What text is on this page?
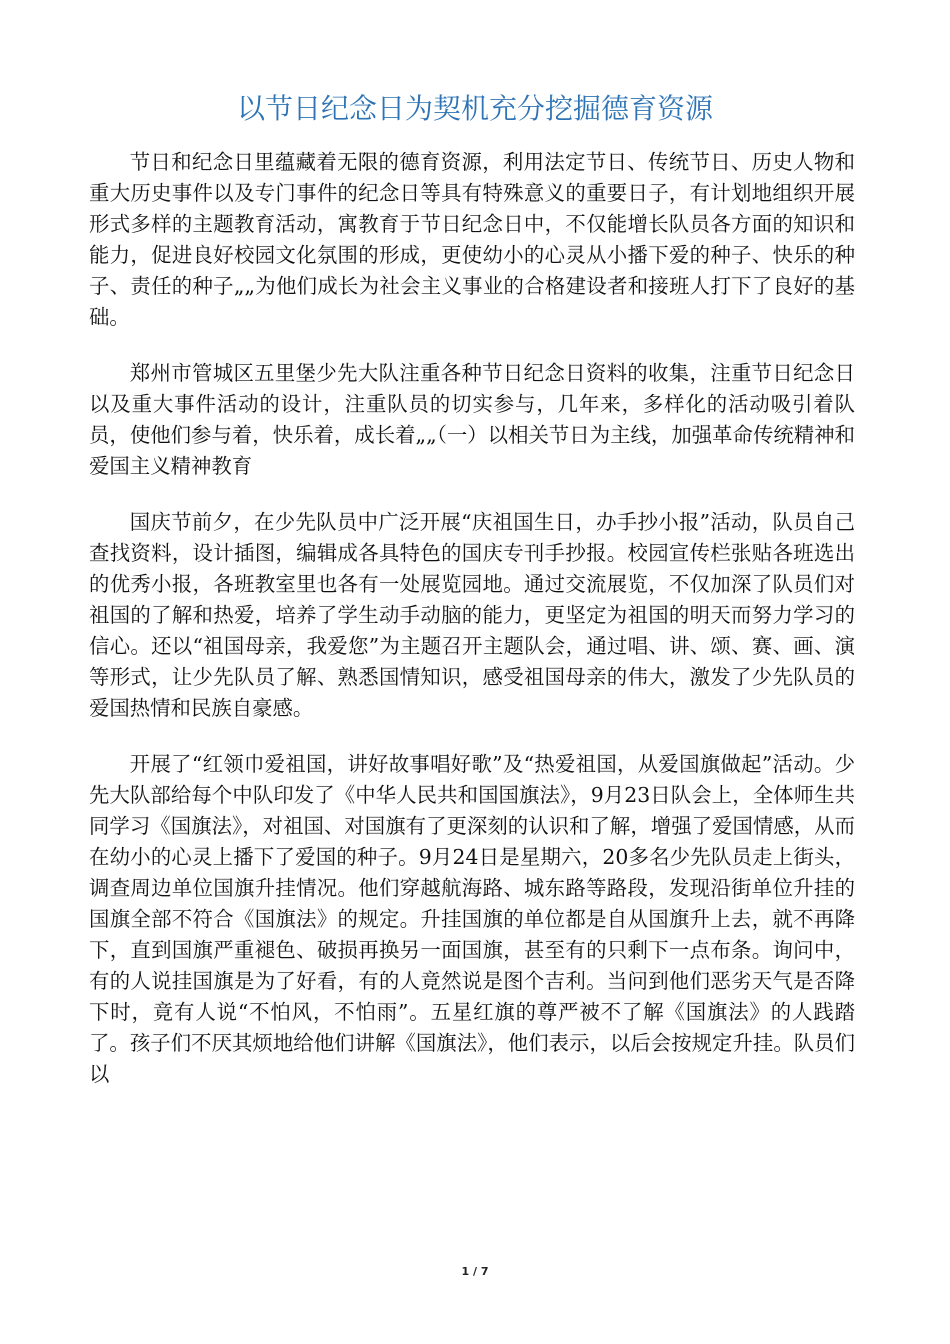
以节日纪念日为契机充分挖掘德育资源

节日和纪念日里蕴藏着无限的德育资源，利用法定节日、传统节日、历史人物和重大历史事件以及专门事件的纪念日等具有特殊意义的重要日子，有计划地组织开展形式多样的主题教育活动，寓教育于节日纪念日中，不仅能增长队员各方面的知识和能力，促进良好校园文化氛围的形成，更使幼小的心灵从小播下爱的种子、快乐的种子、责任的种子„„为他们成长为社会主义事业的合格建设者和接班人打下了良好的基础。

郑州市管城区五里堡少先大队注重各种节日纪念日资料的收集，注重节日纪念日以及重大事件活动的设计，注重队员的切实参与，几年来，多样化的活动吸引着队员，使他们参与着，快乐着，成长着„„（一）以相关节日为主线，加强革命传统精神和爱国主义精神教育

国庆节前夕，在少先队员中广泛开展“庆祖国生日，办手抄小报”活动，队员自己查找资料，设计插图，编辑成各具特色的国庆专刊手抄报。校园宣传栏张贴各班选出的优秀小报，各班教室里也各有一处展览园地。通过交流展览，不仅加深了队员们对祖国的了解和热爱，培养了学生动手动脑的能力，更坚定为祖国的明天而努力学习的信心。还以“祖国母亲，我爱您”为主题召开主题队会，通过唱、讲、颂、赛、画、演等形式，让少先队员了解、熟悉国情知识，感受祖国母亲的伟大，激发了少先队员的爱国热情和民族自豪感。

开展了“红领巾爱祖国，讲好故事唱好歌”及“热爱祖国，从爱国旗做起”活动。少先大队部给每个中队印发了《中华人民共和国国旗法》，9月23日队会上，全体师生共同学习《国旗法》，对祖国、对国旗有了更深刻的认识和了解，增强了爱国情感，从而在幼小的心灵上播下了爱国的种子。9月24日是星期六，20多名少先队员走上街头，调查周边单位国旗升挂情况。他们穿越航海路、城东路等路段，发现沿街单位升挂的国旗全部不符合《国旗法》的规定。升挂国旗的单位都是自从国旗升上去，就不再降下，直到国旗严重褪色、破损再换另一面国旗，甚至有的只剩下一点布条。询问中，有的人说挂国旗是为了好看，有的人竟然说是图个吉利。当问到他们恶劣天气是否降下时，竟有人说“不怕风，不怕雨”。五星红旗的尊严被不了解《国旗法》的人践踏了。孩子们不厌其烦地给他们讲解《国旗法》，他们表示，以后会按规定升挂。队员们以

1 / 7
